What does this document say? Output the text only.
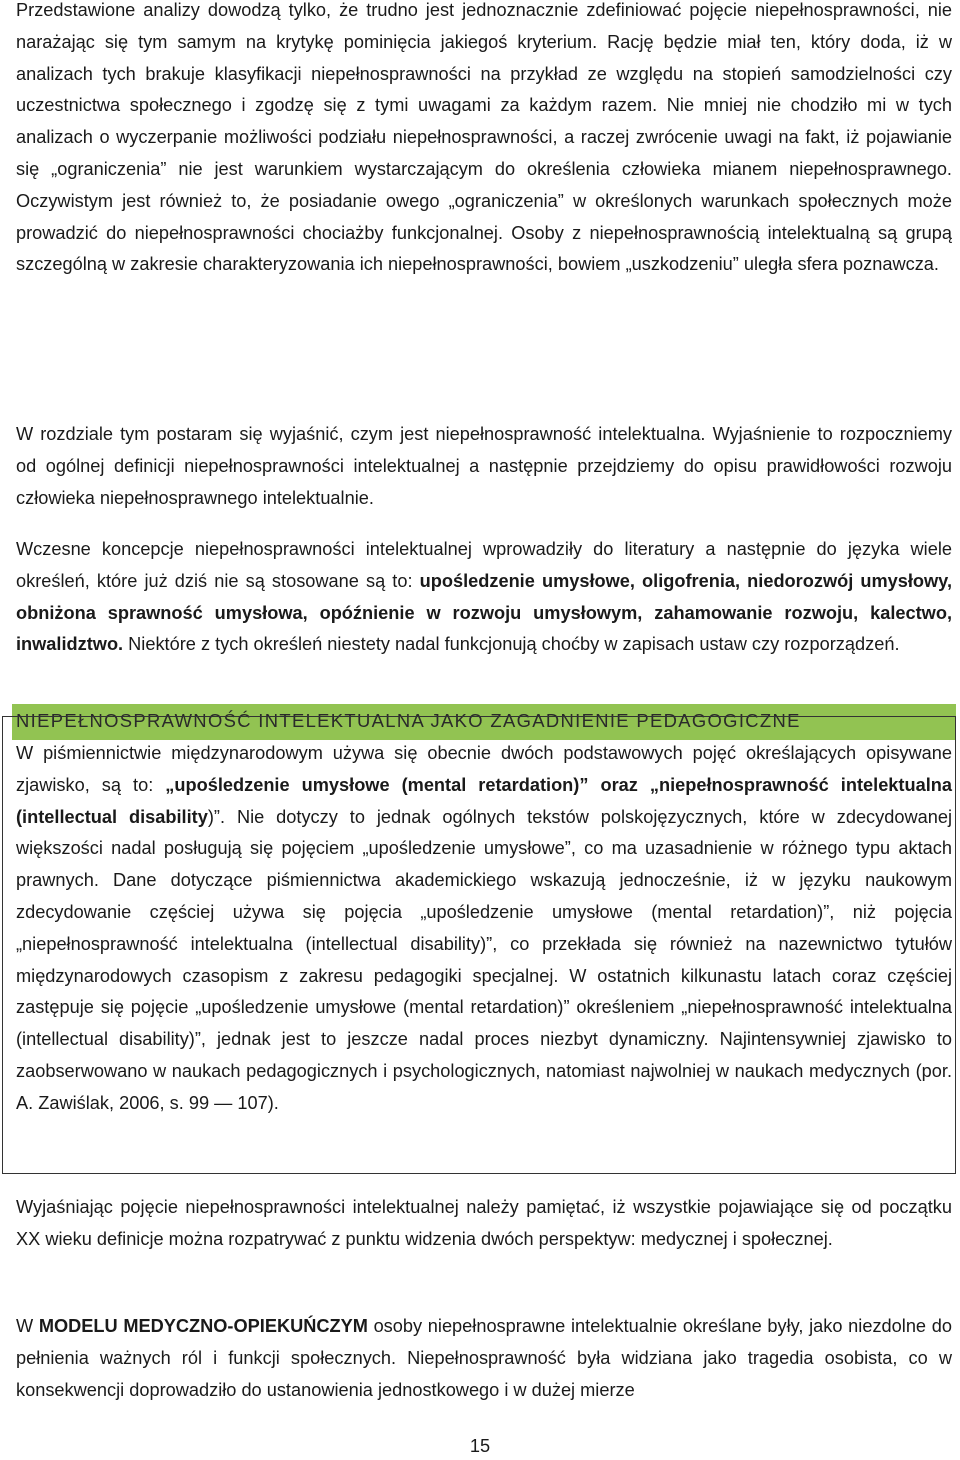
Przedstawione analizy dowodzą tylko, że trudno jest jednoznacznie zdefiniować pojęcie niepełnosprawności, nie narażając się tym samym na krytykę pominięcia jakiegoś kryterium. Rację będzie miał ten, który doda, iż w analizach tych brakuje klasyfikacji niepełnosprawności na przykład ze względu na stopień samodzielności czy uczestnictwa społecznego i zgodzę się z tymi uwagami za każdym razem. Nie mniej nie chodziło mi w tych analizach o wyczerpanie możliwości podziału niepełnosprawności, a raczej zwrócenie uwagi na fakt, iż pojawianie się „ograniczenia” nie jest warunkiem wystarczającym do określenia człowieka mianem niepełnosprawnego. Oczywistym jest również to, że posiadanie owego „ograniczenia” w określonych warunkach społecznych może prowadzić do niepełnosprawności chociażby funkcjonalnej. Osoby z niepełnosprawnością intelektualną są grupą szczególną w zakresie charakteryzowania ich niepełnosprawności, bowiem „uszkodzeniu” uległa sfera poznawcza.

NIEPEŁNOSPRAWNOŚĆ INTELEKTUALNA JAKO ZAGADNIENIE PEDAGOGICZNE

W rozdziale tym postaram się wyjaśnić, czym jest niepełnosprawność intelektualna. Wyjaśnienie to rozpoczniemy od ogólnej definicji niepełnosprawności intelektualnej a następnie przejdziemy do opisu prawidłowości rozwoju człowieka niepełnosprawnego intelektualnie.

Wczesne koncepcje niepełnosprawności intelektualnej wprowadziły do literatury a następnie do języka wiele określeń, które już dziś nie są stosowane są to: upośledzenie umysłowe, oligofrenia, niedorozwój umysłowy, obniżona sprawność umysłowa, opóźnienie w rozwoju umysłowym, zahamowanie rozwoju, kalectwo, inwalidztwo. Niektóre z tych określeń niestety nadal funkcjonują choćby w zapisach ustaw czy rozporządzeń.

W piśmiennictwie międzynarodowym używa się obecnie dwóch podstawowych pojęć określających opisywane zjawisko, są to: „upośledzenie umysłowe (mental retardation)” oraz „niepełnosprawność intelektualna (intellectual disability)”. Nie dotyczy to jednak ogólnych tekstów polskojęzycznych, które w zdecydowanej większości nadal posługują się pojęciem „upośledzenie umysłowe”, co ma uzasadnienie w różnego typu aktach prawnych. Dane dotyczące piśmiennictwa akademickiego wskazują jednocześnie, iż w języku naukowym zdecydowanie częściej używa się pojęcia „upośledzenie umysłowe (mental retardation)”, niż pojęcia „niepełnosprawność intelektualna (intellectual disability)”, co przekłada się również na nazewnictwo tytułów międzynarodowych czasopism z zakresu pedagogiki specjalnej. W ostatnich kilkunastu latach coraz częściej zastępuje się pojęcie „upośledzenie umysłowe (mental retardation)” określeniem „niepełnosprawność intelektualna (intellectual disability)”, jednak jest to jeszcze nadal proces niezbyt dynamiczny. Najintensywniej zjawisko to zaobserwowano w naukach pedagogicznych i psychologicznych, natomiast najwolniej w naukach medycznych (por. A. Zawiślak, 2006, s. 99 — 107).

Wyjaśniając pojęcie niepełnosprawności intelektualnej należy pamiętać, iż wszystkie pojawiające się od początku XX wieku definicje można rozpatrywać z punktu widzenia dwóch perspektyw: medycznej i społecznej.

W MODELU MEDYCZNO-OPIEKUŃCZYM osoby niepełnosprawne intelektualnie określane były, jako niezdolne do pełnienia ważnych ról i funkcji społecznych. Niepełnosprawność była widziana jako tragedia osobista, co w konsekwencji doprowadziło do ustanowienia jednostkowego i w dużej mierze

15
